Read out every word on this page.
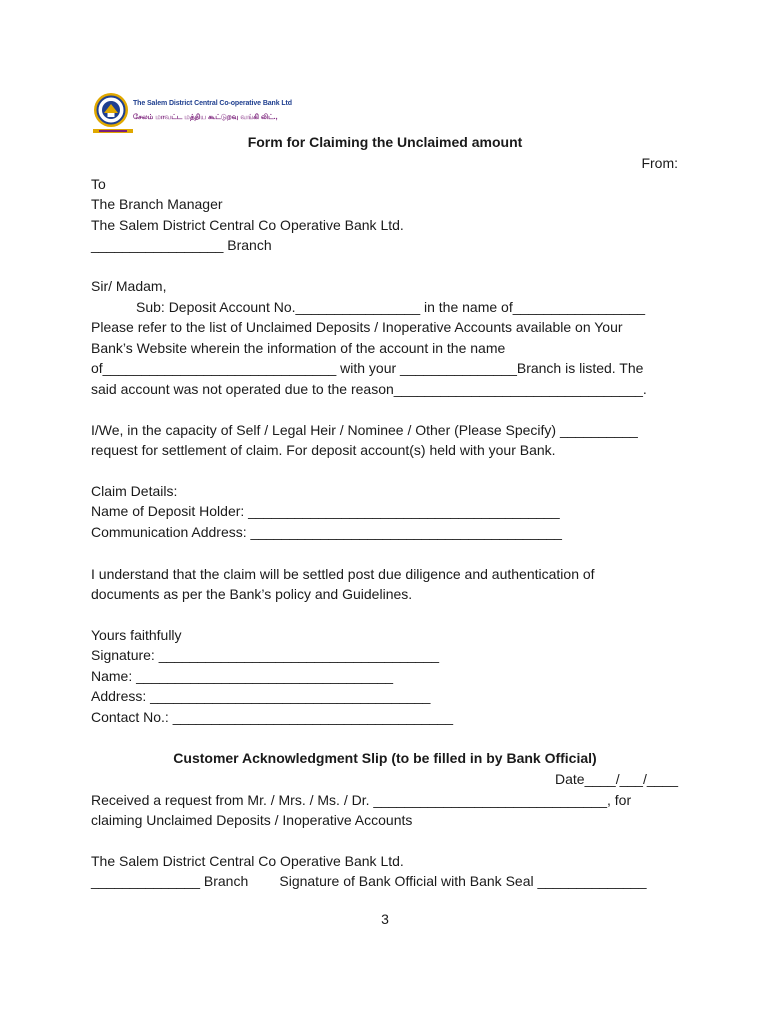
The Salem District Central Co-operative Bank Ltd
சேலம் மாவட்ட மத்திய கூட்டுறவு வங்கி லிட்.,
Form for Claiming the Unclaimed amount
From:
To
The Branch Manager
The Salem District Central Co Operative Bank Ltd.
_________________ Branch
Sir/ Madam,
Sub: Deposit Account No.________________ in the name of_________________
Please refer to the list of Unclaimed Deposits / Inoperative Accounts available on Your
Bank’s Website wherein the information of the account in the name
of______________________________ with your _______________Branch is listed. The
said account was not operated due to the reason________________________________.
I/We, in the capacity of Self / Legal Heir / Nominee / Other (Please Specify) __________
request for settlement of claim. For deposit account(s) held with your Bank.
Claim Details:
Name of Deposit Holder: ________________________________________
Communication Address: ________________________________________
I understand that the claim will be settled post due diligence and authentication of
documents as per the Bank’s policy and Guidelines.
Yours faithfully
Signature: ____________________________________
Name: _________________________________
Address: ____________________________________
Contact No.: ____________________________________
Customer Acknowledgment Slip (to be filled in by Bank Official)
Date____/___/____
Received a request from Mr. / Mrs. / Ms. / Dr. ______________________________, for
claiming Unclaimed Deposits / Inoperative Accounts
The Salem District Central Co Operative Bank Ltd.
______________ Branch        Signature of Bank Official with Bank Seal ______________
3
